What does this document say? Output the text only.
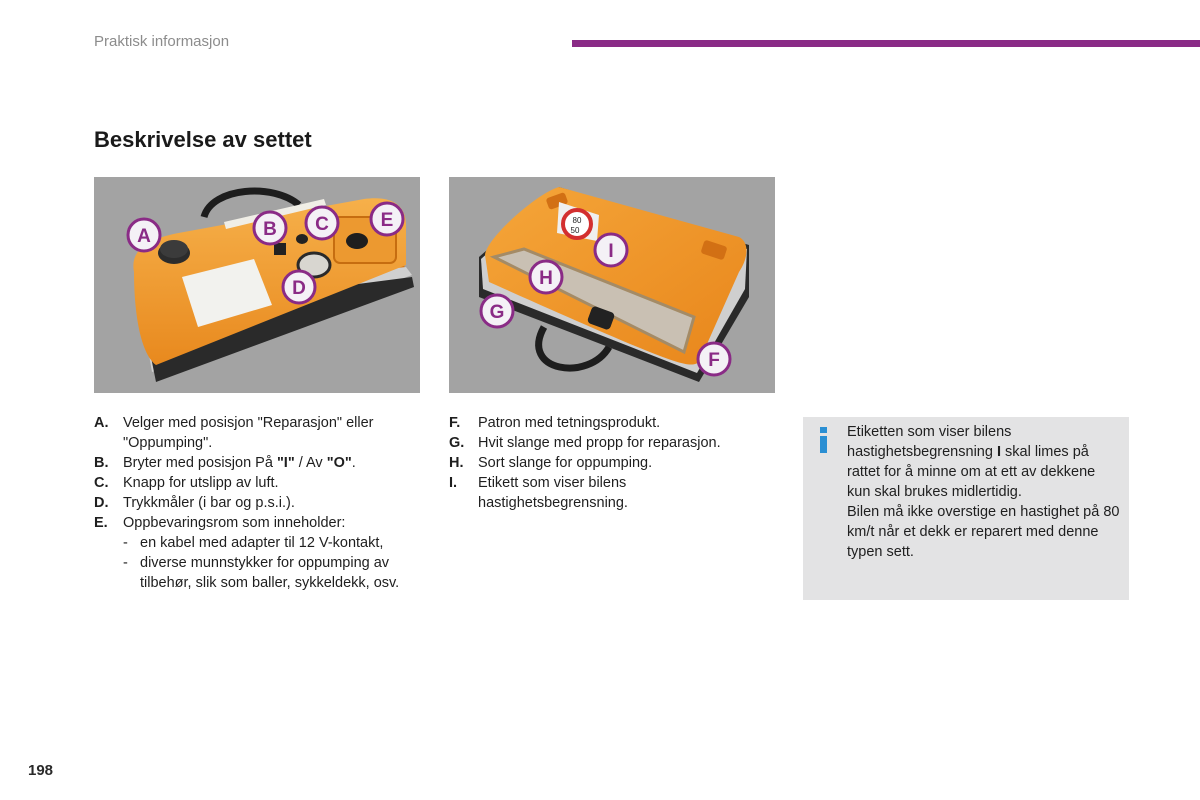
Praktisk informasjon
Beskrivelse av settet
A	B C
D
E	80
50
G
H
I
F
A.	Velger med posisjon "Reparasjon" eller "Oppumping".
B.	Bryter med posisjon På "I" / Av "O".
C.	Knapp for utslipp av luft.
D.	Trykkmåler (i bar og p.s.i.).
E.	Oppbevaringsrom som inneholder:
- en kabel med adapter til 12 V-kontakt,
- diverse munnstykker for oppumping av tilbehør, slik som baller, sykkeldekk, osv.
F.	Patron med tetningsprodukt.
G. Hvit slange med propp for reparasjon.
H.	Sort slange for oppumping.
I.	Etikett som viser bilens hastighetsbegrensning.

Etiketten som viser bilens hastighetsbegrensning I skal limes på rattet for å minne om at ett av dekkene kun skal brukes midlertidig.

Bilen må ikke overstige en hastighet på 80 km/t når et dekk er reparert med denne typen sett.

198
